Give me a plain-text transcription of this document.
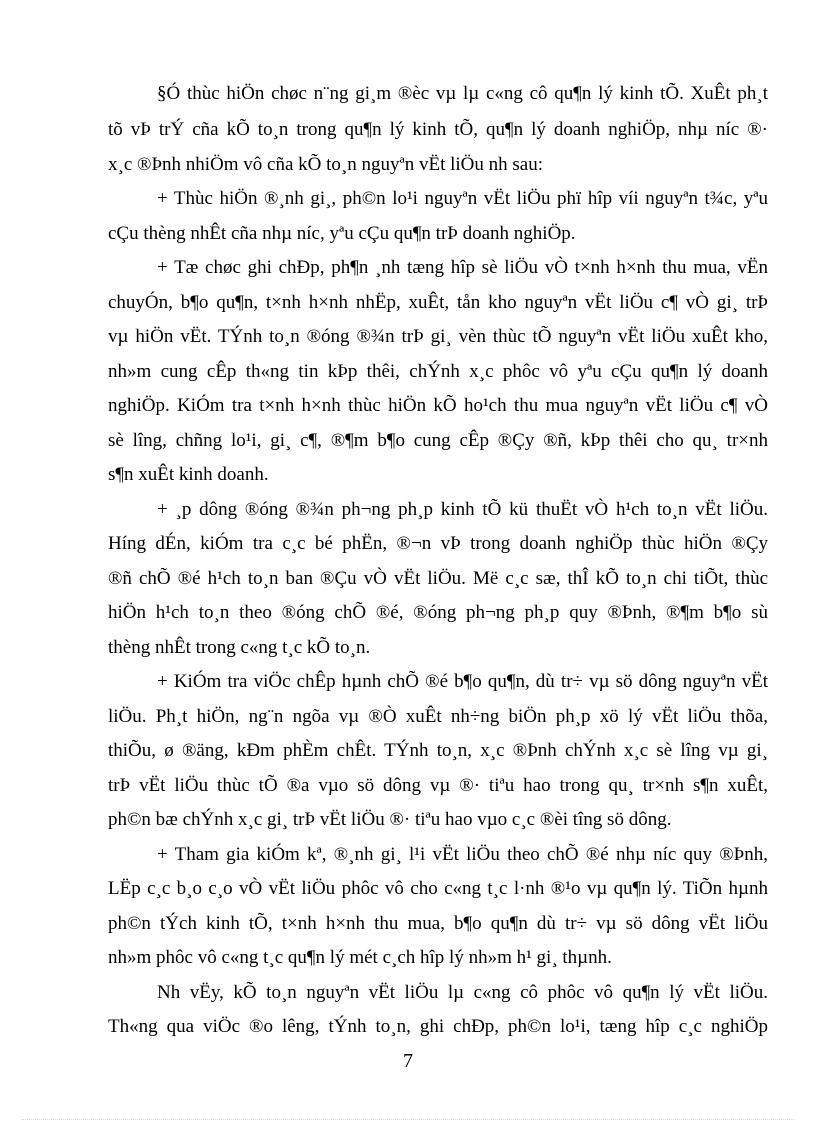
§Ó thùc hiÖn chøc n¨ng gi¸m ®èc vµ lµ c«ng cô qu¶n lý kinh tÕ. XuÊt ph¸t
tõ vÞ trÝ cña kÕ to¸n trong qu¶n lý kinh tÕ, qu¶n lý doanh nghiÖp, nhµ níc ®·
x¸c ®Þnh nhiÖm vô cña kÕ to¸n nguyªn vËt liÖu nh sau:
+ Thùc hiÖn ®¸nh gi¸, ph©n lo¹i nguyªn vËt liÖu phï hîp víi nguyªn t¾c, yªu
cÇu thèng nhÊt cña nhµ níc, yªu cÇu qu¶n trÞ doanh nghiÖp.
+ Tæ chøc ghi chÐp, ph¶n ¸nh tæng hîp sè liÖu vÒ t×nh h×nh thu mua, vËn
chuyÓn, b¶o qu¶n, t×nh h×nh nhËp, xuÊt, tån kho nguyªn vËt liÖu c¶ vÒ gi¸ trÞ
vµ hiÖn vËt. TÝnh to¸n ®óng ®¾n trÞ gi¸ vèn thùc tÕ nguyªn vËt liÖu xuÊt kho,
nh»m cung cÊp th«ng tin kÞp thêi, chÝnh x¸c phôc vô yªu cÇu qu¶n lý doanh
nghiÖp. KiÓm tra t×nh h×nh thùc hiÖn kÕ ho¹ch thu mua nguyªn vËt liÖu c¶ vÒ
sè lîng, chñng lo¹i, gi¸ c¶, ®¶m b¶o cung cÊp ®Çy ®ñ, kÞp thêi cho qu¸ tr×nh
s¶n xuÊt kinh doanh.
+ ¸p dông ®óng ®¾n ph¬ng ph¸p kinh tÕ kü thuËt vÒ h¹ch to¸n vËt liÖu.
Híng dÉn, kiÓm tra c¸c bé phËn, ®¬n vÞ trong doanh nghiÖp thùc hiÖn ®Çy
®ñ chÕ ®é h¹ch to¸n ban ®Çu vÒ vËt liÖu. Më c¸c sæ, thÎ kÕ to¸n chi tiÕt, thùc
hiÖn h¹ch to¸n theo ®óng chÕ ®é, ®óng ph¬ng ph¸p quy ®Þnh, ®¶m b¶o sù
thèng nhÊt trong c«ng t¸c kÕ to¸n.
+ KiÓm tra viÖc chÊp hµnh chÕ ®é b¶o qu¶n, dù tr÷ vµ sö dông nguyªn vËt
liÖu. Ph¸t hiÖn, ng¨n ngõa vµ ®Ò xuÊt nh÷ng biÖn ph¸p xö lý vËt liÖu thõa,
thiÕu, ø ®äng, kÐm phÈm chÊt. TÝnh to¸n, x¸c ®Þnh chÝnh x¸c sè lîng vµ gi¸
trÞ vËt liÖu thùc tÕ ®a vµo sö dông vµ ®· tiªu hao trong qu¸ tr×nh s¶n xuÊt,
ph©n bæ chÝnh x¸c gi¸ trÞ vËt liÖu ®· tiªu hao vµo c¸c ®èi tîng sö dông.
+ Tham gia kiÓm kª, ®¸nh gi¸ l¹i vËt liÖu theo chÕ ®é nhµ níc quy ®Þnh,
LËp c¸c b¸o c¸o vÒ vËt liÖu phôc vô cho c«ng t¸c l·nh ®¹o vµ qu¶n lý. TiÕn hµnh
ph©n tÝch kinh tÕ, t×nh h×nh thu mua, b¶o qu¶n dù tr÷ vµ sö dông vËt liÖu
nh»m phôc vô c«ng t¸c qu¶n lý mét c¸ch hîp lý nh»m h¹ gi¸ thµnh.
Nh vËy, kÕ to¸n nguyªn vËt liÖu lµ c«ng cô phôc vô qu¶n lý vËt liÖu.
Th«ng qua viÖc ®o lêng, tÝnh to¸n, ghi chÐp, ph©n lo¹i, tæng hîp c¸c nghiÖp
7
